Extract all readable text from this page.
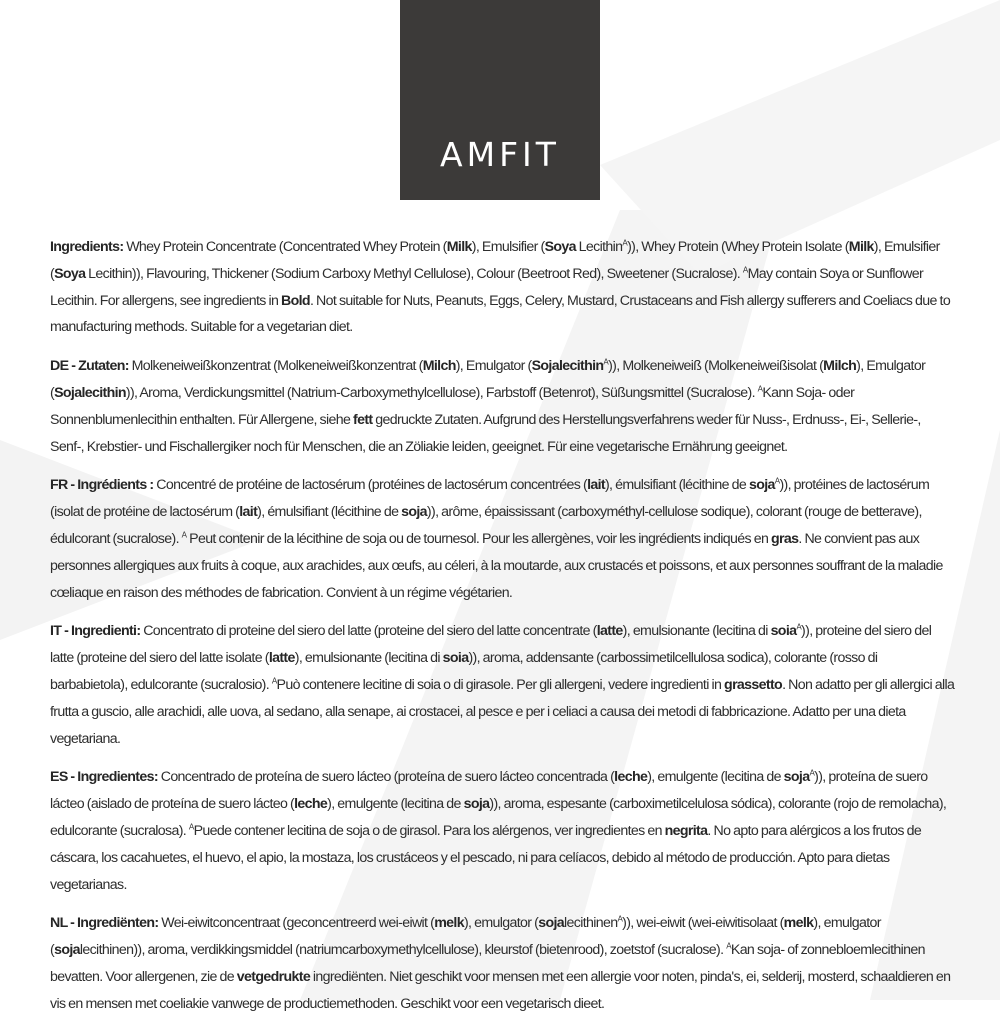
AMFIT

Ingredients: Whey Protein Concentrate (Concentrated Whey Protein (Milk), Emulsifier (Soya Lecithin$^A$)), Whey Protein (Whey Protein Isolate (Milk), Emulsifier (Soya Lecithin)), Flavouring, Thickener (Sodium Carboxy Methyl Cellulose), Colour (Beetroot Red), Sweetener (Sucralose). $^A$May contain Soya or Sunflower Lecithin. For allergens, see ingredients in Bold. Not suitable for Nuts, Peanuts, Eggs, Celery, Mustard, Crustaceans and Fish allergy sufferers and Coeliacs due to manufacturing methods. Suitable for a vegetarian diet.

DE - Zutaten: Molkeneiweißkonzentrat (Molkeneiweißkonzentrat (Milch), Emulgator (Sojalecithin$^A$)), Molkeneiweiß (Molkeneiweißisolat (Milch), Emulgator (Sojalecithin)), Aroma, Verdickungsmittel (Natrium-Carboxymethylcellulose), Farbstoff (Betenrot), Süßungsmittel (Sucralose). $^A$Kann Soja- oder Sonnenblumenlecithin enthalten. Für Allergene, siehe fett gedruckte Zutaten. Aufgrund des Herstellungsverfahrens weder für Nuss-, Erdnuss-, Ei-, Sellerie-, Senf-, Krebstier- und Fischallergiker noch für Menschen, die an Zöliakie leiden, geeignet. Für eine vegetarische Ernährung geeignet.

FR - Ingrédients : Concentré de protéine de lactosérum (protéines de lactosérum concentrées (lait), émulsifiant (lécithine de soja$^A$)), protéines de lactosérum (isolat de protéine de lactosérum (lait), émulsifiant (lécithine de soja)), arôme, épaississant (carboxyméthyl-cellulose sodique), colorant (rouge de betterave), édulcorant (sucralose). $^A$ Peut contenir de la lécithine de soja ou de tournesol. Pour les allergènes, voir les ingrédients indiqués en gras. Ne convient pas aux personnes allergiques aux fruits à coque, aux arachides, aux œufs, au céleri, à la moutarde, aux crustacés et poissons, et aux personnes souffrant de la maladie cœliaque en raison des méthodes de fabrication. Convient à un régime végétarien.

IT - Ingredienti: Concentrato di proteine del siero del latte (proteine del siero del latte concentrate (latte), emulsionante (lecitina di soia$^A$)), proteine del siero del latte (proteine del siero del latte isolate (latte), emulsionante (lecitina di soia)), aroma, addensante (carbossimetilcellulosa sodica), colorante (rosso di barbabietola), edulcorante (sucralosio). $^A$Può contenere lecitine di soia o di girasole. Per gli allergeni, vedere ingredienti in grassetto. Non adatto per gli allergici alla frutta a guscio, alle arachidi, alle uova, al sedano, alla senape, ai crostacei, al pesce e per i celiaci a causa dei metodi di fabbricazione. Adatto per una dieta vegetariana.

ES - Ingredientes: Concentrado de proteína de suero lácteo (proteína de suero lácteo concentrada (leche), emulgente (lecitina de soja$^A$)), proteína de suero lácteo (aislado de proteína de suero lácteo (leche), emulgente (lecitina de soja)), aroma, espesante (carboximetilcelulosa sódica), colorante (rojo de remolacha), edulcorante (sucralosa). $^A$Puede contener lecitina de soja o de girasol. Para los alérgenos, ver ingredientes en negrita. No apto para alérgicos a los frutos de cáscara, los cacahuetes, el huevo, el apio, la mostaza, los crustáceos y el pescado, ni para celíacos, debido al método de producción. Apto para dietas vegetarianas.

NL - Ingrediënten: Wei-eiwitconcentraat (geconcentreerd wei-eiwit (melk), emulgator (sojalecithinen$^A$)), wei-eiwit (wei-eiwitisolaat (melk), emulgator (sojalecithinen)), aroma, verdikkingsmiddel (natriumcarboxymethylcellulose), kleurstof (bietenrood), zoetstof (sucralose). $^A$Kan soja- of zonnebloemlecithinen bevatten. Voor allergenen, zie de vetgedrukte ingrediënten. Niet geschikt voor mensen met een allergie voor noten, pinda's, ei, selderij, mosterd, schaaldieren en vis en mensen met coeliakie vanwege de productiemethoden. Geschikt voor een vegetarisch dieet.
